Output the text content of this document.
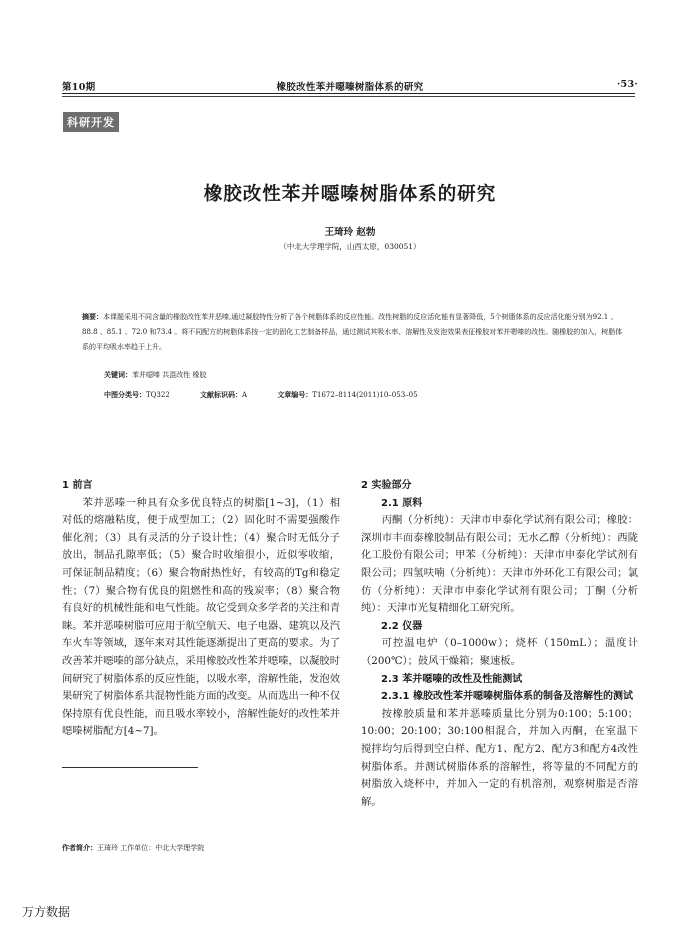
第10期	橡胶改性苯并噁嗪树脂体系的研究	·53·
科研开发
橡胶改性苯并噁嗪树脂体系的研究
王琦玲 赵勃
（中北大学理学院，山西太原，030051）
摘要：本课题采用不同含量的橡胶改性苯并恶嗪,通过凝胶特性分析了各个树脂体系的反应性能。改性树脂的反应活化能有显著降低，5个树脂体系的反应活化能分别为92.1 、88.8 、85.1 、72.0 和73.4 。将不同配方的树脂体系按一定的固化工艺制备样品，通过测试其吸水率、溶解性及发泡效果表征橡胶对苯并嗯嗪的改性。随橡胶的加入，树脂体系的平均吸水率趋于上升。
关键词：苯并噁嗪 共混改性 橡胶
中图分类号：TQ322	文献标识码：A	文章编号：T1672–8114(2011)10–053–05

1 前言

苯并恶嗪一种具有众多优良特点的树脂[1~3]，（1）相对低的熔融粘度，便于成型加工；（2）固化时不需要强酸作催化剂；（3）具有灵活的分子设计性；（4）聚合时无低分子放出，制品孔隙率低；（5）聚合时收缩很小，近似零收缩，可保证制品精度；（6）聚合物耐热性好，有较高的Tg和稳定性；（7）聚合物有优良的阻燃性和高的残炭率；（8）聚合物有良好的机械性能和电气性能。故它受到众多学者的关注和青睐。苯并恶嗪树脂可应用于航空航天、电子电器、建筑以及汽车火车等领域，逐年来对其性能逐渐提出了更高的要求。为了改善苯并噁嗪的部分缺点，采用橡胶改性苯并噁嗪，以凝胶时间研究了树脂体系的反应性能，以吸水率，溶解性能，发泡效果研究了树脂体系共混物性能方面的改变。从而选出一种不仅保持原有优良性能，而且吸水率较小，溶解性能好的改性苯并噁嗪树脂配方[4~7]。

2 实验部分

2.1 原料

丙酮（分析纯）：天津市申泰化学试剂有限公司；橡胶：深圳市丰而泰橡胶制品有限公司；无水乙醇（分析纯）：西陇化工股份有限公司；甲苯（分析纯）：天津市申泰化学试剂有限公司；四氢呋喃（分析纯）：天津市外环化工有限公司；氯仿（分析纯）：天津市申泰化学试剂有限公司；丁酮（分析纯）：天津市光复精细化工研究所。

2.2 仪器

可控温电炉（0–1000w）；烧杯（150mL）；温度计（200℃）；鼓风干燥箱；聚速板。

2.3 苯并噁嗪的改性及性能测试

2.3.1 橡胶改性苯并噁嗪树脂体系的制备及溶解性的测试

按橡胶质量和苯并恶嗪质量比分别为0:100；5:100；10:00；20:100；30:100相混合，并加入丙酮，在室温下搅拌均匀后得到空白样、配方1、配方2、配方3和配方4改性树脂体系。并测试树脂体系的溶解性，将等量的不同配方的树脂放入烧杯中，并加入一定的有机溶剂，观察树脂是否溶解。

作者简介：王琦玲 工作单位：中北大学理学院
万方数据
